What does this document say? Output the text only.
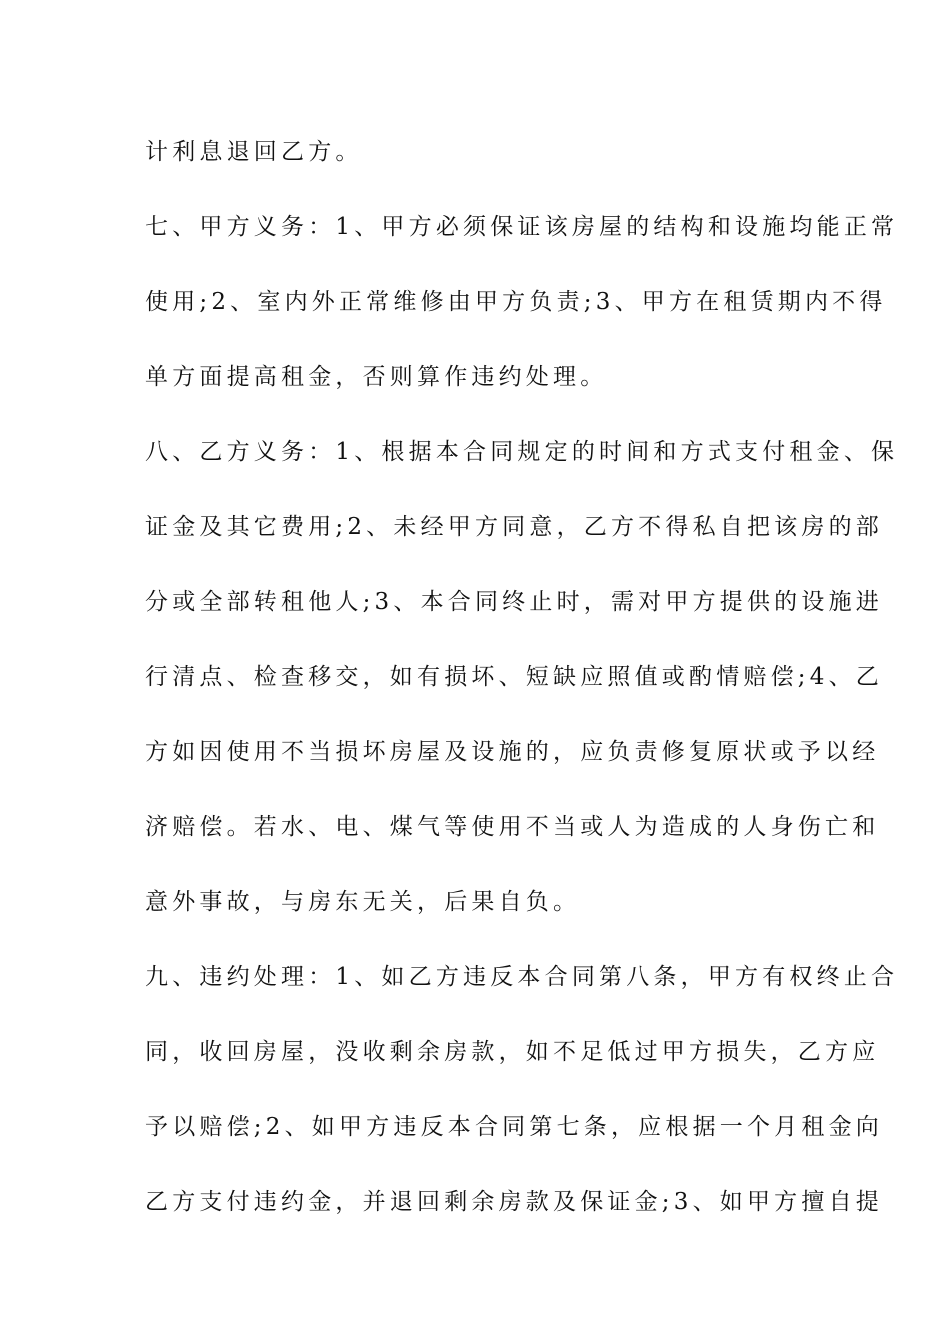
计利息退回乙方。
七、甲方义务：1、甲方必须保证该房屋的结构和设施均能正常
使用;2、室内外正常维修由甲方负责;3、甲方在租赁期内不得
单方面提高租金，否则算作违约处理。
八、乙方义务：1、根据本合同规定的时间和方式支付租金、保
证金及其它费用;2、未经甲方同意，乙方不得私自把该房的部
分或全部转租他人;3、本合同终止时，需对甲方提供的设施进
行清点、检查移交，如有损坏、短缺应照值或酌情赔偿;4、乙
方如因使用不当损坏房屋及设施的，应负责修复原状或予以经
济赔偿。若水、电、煤气等使用不当或人为造成的人身伤亡和
意外事故，与房东无关，后果自负。
九、违约处理：1、如乙方违反本合同第八条，甲方有权终止合
同，收回房屋，没收剩余房款，如不足低过甲方损失，乙方应
予以赔偿;2、如甲方违反本合同第七条，应根据一个月租金向
乙方支付违约金，并退回剩余房款及保证金;3、如甲方擅自提
